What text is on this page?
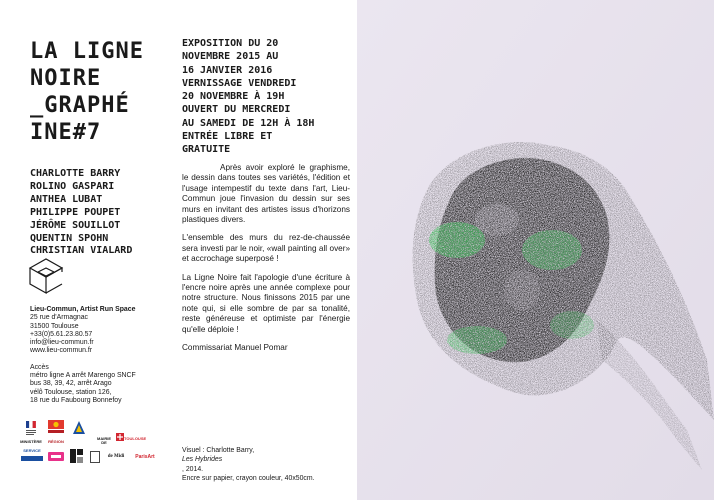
LA LIGNE
NOIRE
_GRAPHÉ
INE#7
EXPOSITION DU 20
NOVEMBRE 2015 AU
16 JANVIER 2016
VERNISSAGE VENDREDI
20 NOVEMBRE À 19H
OUVERT DU MERCREDI
AU SAMEDI DE 12H À 18H
ENTRÉE LIBRE ET
GRATUITE
CHARLOTTE BARRY
ROLINO GASPARI
ANTHEA LUBAT
PHILIPPE POUPET
JÉRÔME SOUILLOT
QUENTIN SPOHN
CHRISTIAN VIALARD
Lieu-Commun, Artist Run Space
25 rue d'Armagnac
31500 Toulouse
+33(0)5.61.23.80.57
info@lieu-commun.fr
www.lieu-commun.fr
Accès
métro ligne A arrêt Marengo SNCF
bus 38, 39, 42, arrêt Arago
vélô Toulouse, station 126,
18 rue du Faubourg Bonnefoy
MINISTÈRE	RÉGION
MAIRIE DE
TOULOUSE
SERVICE
de Midi	ParisArt

Après avoir exploré le graphisme, le dessin dans toutes ses variétés, l'édition et l'usage intempestif du texte dans l'art, Lieu-Commun joue l'invasion du dessin sur ses murs en invitant des artistes issus d'horizons plastiques divers.

L'ensemble des murs du rez-de-chaussée sera investi par le noir, «wall painting all over» et accrochage superposé !

La Ligne Noire fait l'apologie d'une écriture à l'encre noire après une année complexe pour notre structure. Nous finissons 2015 par une note qui, si elle sombre de par sa tonalité, reste généreuse et optimiste par l'énergie qu'elle déploie !

Commissariat Manuel Pomar

Visuel : Charlotte Barry,
Les Hybrides
, 2014.
Encre sur papier, crayon couleur, 40x50cm.
